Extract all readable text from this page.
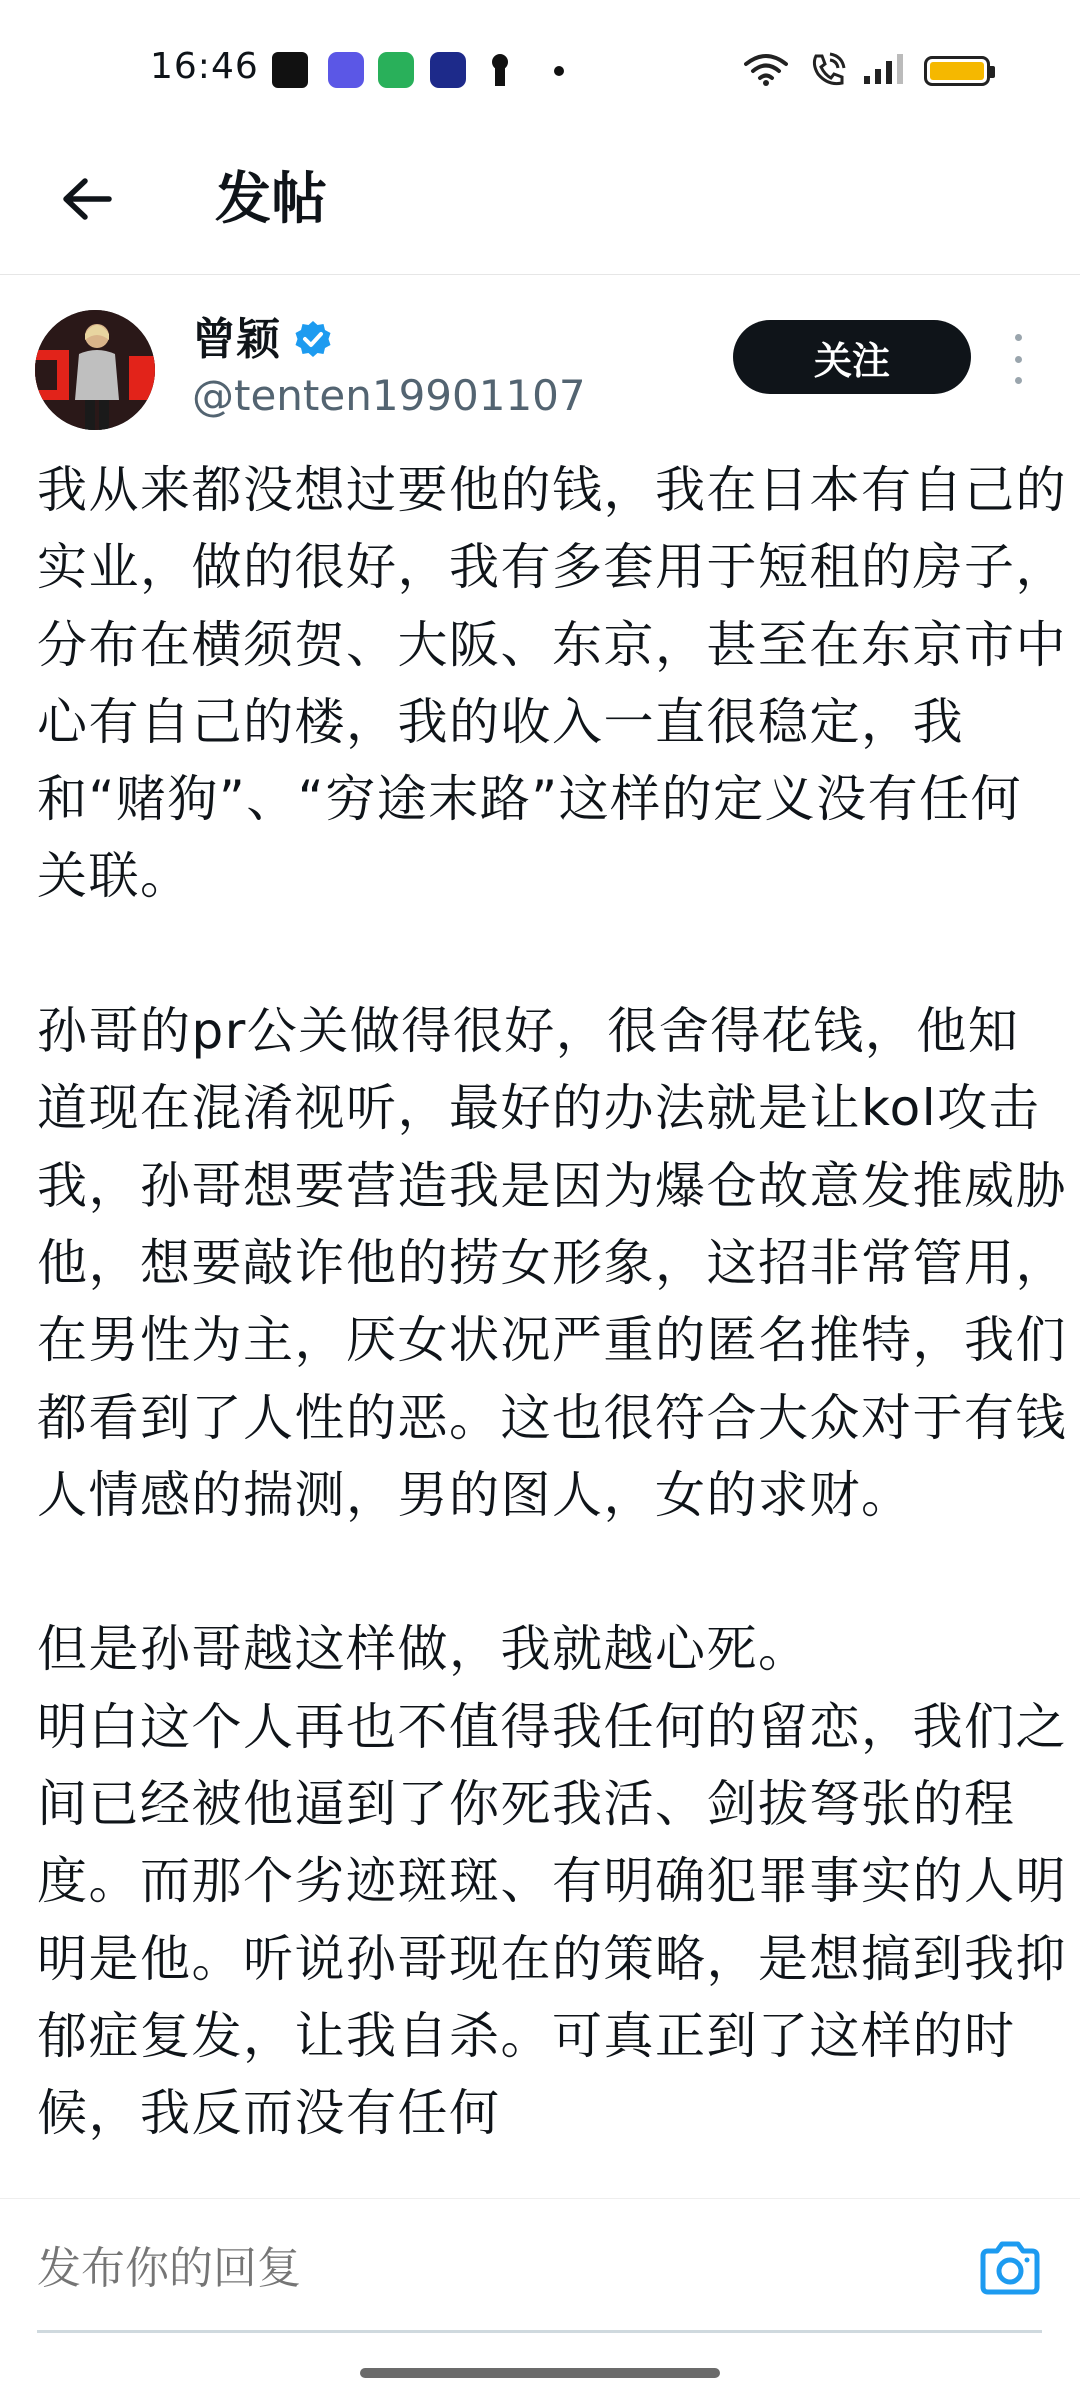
16:46
发帖
曾颖
@tenten19901107
关注

我从来都没想过要他的钱，我在日本有自己的实业，做的很好，我有多套用于短租的房子，分布在横须贺、大阪、东京，甚至在东京市中心有自己的楼，我的收入一直很稳定，我和“赌狗”、“穷途末路”这样的定义没有任何关联。

孙哥的pr公关做得很好，很舍得花钱，他知道现在混淆视听，最好的办法就是让kol攻击我，孙哥想要营造我是因为爆仓故意发推威胁他，想要敲诈他的捞女形象，这招非常管用，在男性为主，厌女状况严重的匿名推特，我们都看到了人性的恶。这也很符合大众对于有钱人情感的揣测，男的图人，女的求财。

但是孙哥越这样做，我就越心死。
明白这个人再也不值得我任何的留恋，我们之间已经被他逼到了你死我活、剑拔弩张的程度。而那个劣迹斑斑、有明确犯罪事实的人明明是他。听说孙哥现在的策略，是想搞到我抑郁症复发，让我自杀。可真正到了这样的时候，我反而没有任何

发布你的回复
